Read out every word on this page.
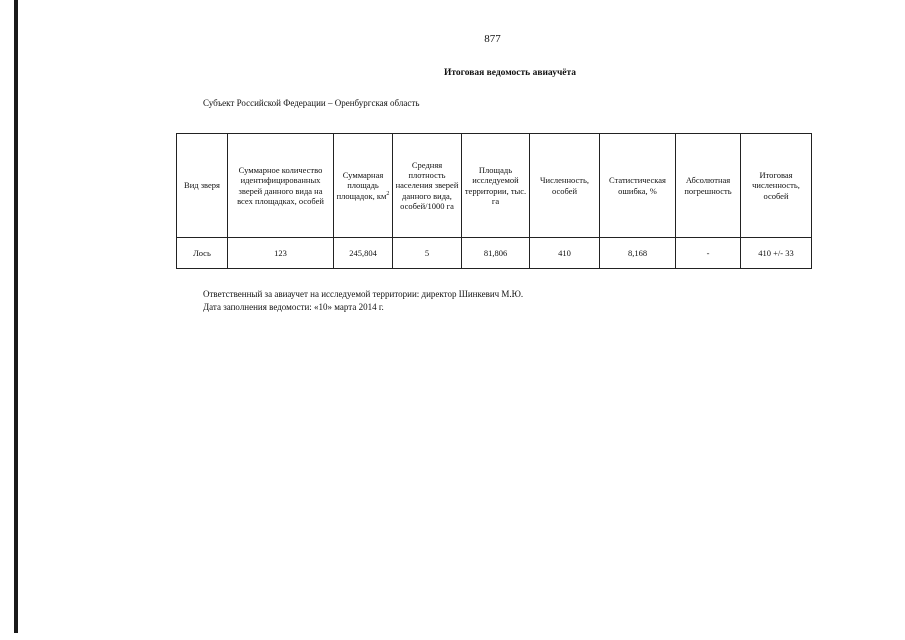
877
Итоговая ведомость авиаучёта
Субъект Российской Федерации – Оренбургская область
Вид зверя	Суммарное количество идентифицированных зверей данного вида на всех площадках, особей	Суммарная площадь площадок, $км^2$	Средняя плотность населения зверей данного вида, особей/1000 га	Площадь исследуемой территории, тыс. га	Численность, особей	Статистическая ошибка, %	Абсолютная погрешность	Итоговая численность, особей
Лось	123	245,804	5	81,806	410	8,168	-	410 +/- 33
Ответственный за авиаучет на исследуемой территории: директор Шинкевич М.Ю.
Дата заполнения ведомости: «10» марта 2014 г.
